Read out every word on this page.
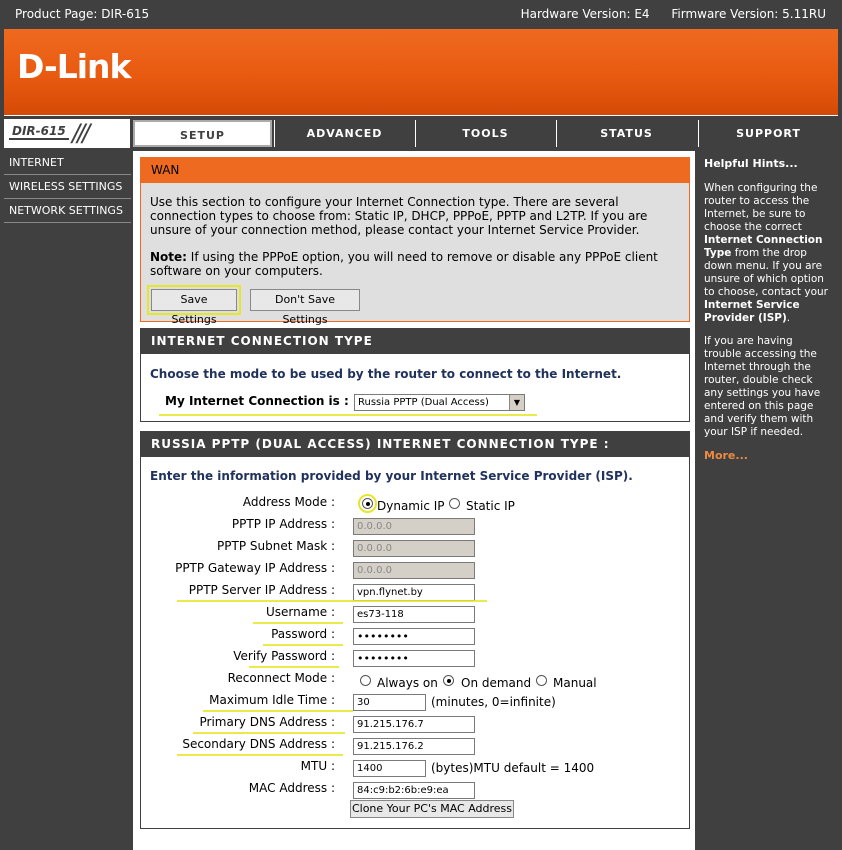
Product Page: DIR-615	Hardware Version: E4 Firmware Version: 5.11RU
D-Link
DIR-615 ///	SETUP	ADVANCED	TOOLS	STATUS	SUPPORT
INTERNET
WIRELESS SETTINGS
NETWORK SETTINGS
WAN

Use this section to configure your Internet Connection type. There are several connection types to choose from: Static IP, DHCP, PPPoE, PPTP and L2TP. If you are unsure of your connection method, please contact your Internet Service Provider.

Note: If using the PPPoE option, you will need to remove or disable any PPPoE client software on your computers.

Save Settings
Don't Save Settings
INTERNET CONNECTION TYPE
Choose the mode to be used by the router to connect to the Internet.
My Internet Connection is : Russia PPTP (Dual Access)	▼
RUSSIA PPTP (DUAL ACCESS) INTERNET CONNECTION TYPE :
Enter the information provided by your Internet Service Provider (ISP).
Address Mode :	Dynamic IP Static IP
PPTP IP Address :	0.0.0.0
PPTP Subnet Mask :	0.0.0.0
PPTP Gateway IP Address :	0.0.0.0
PPTP Server IP Address :	vpn.flynet.by
Username :	es73-118
Password :	••••••••
Verify Password :	••••••••
Reconnect Mode :	Always on On demand Manual
Maximum Idle Time :	30	(minutes, 0=infinite)
Primary DNS Address :	91.215.176.7
Secondary DNS Address :	91.215.176.2
MTU :	1400	(bytes)MTU default = 1400
MAC Address :	84:c9:b2:6b:e9:ea
Clone Your PC's MAC Address
Helpful Hints...

When configuring the router to access the Internet, be sure to choose the correct Internet Connection Type from the drop down menu. If you are unsure of which option to choose, contact your Internet Service Provider (ISP).

If you are having trouble accessing the Internet through the router, double check any settings you have entered on this page and verify them with your ISP if needed.

More...
